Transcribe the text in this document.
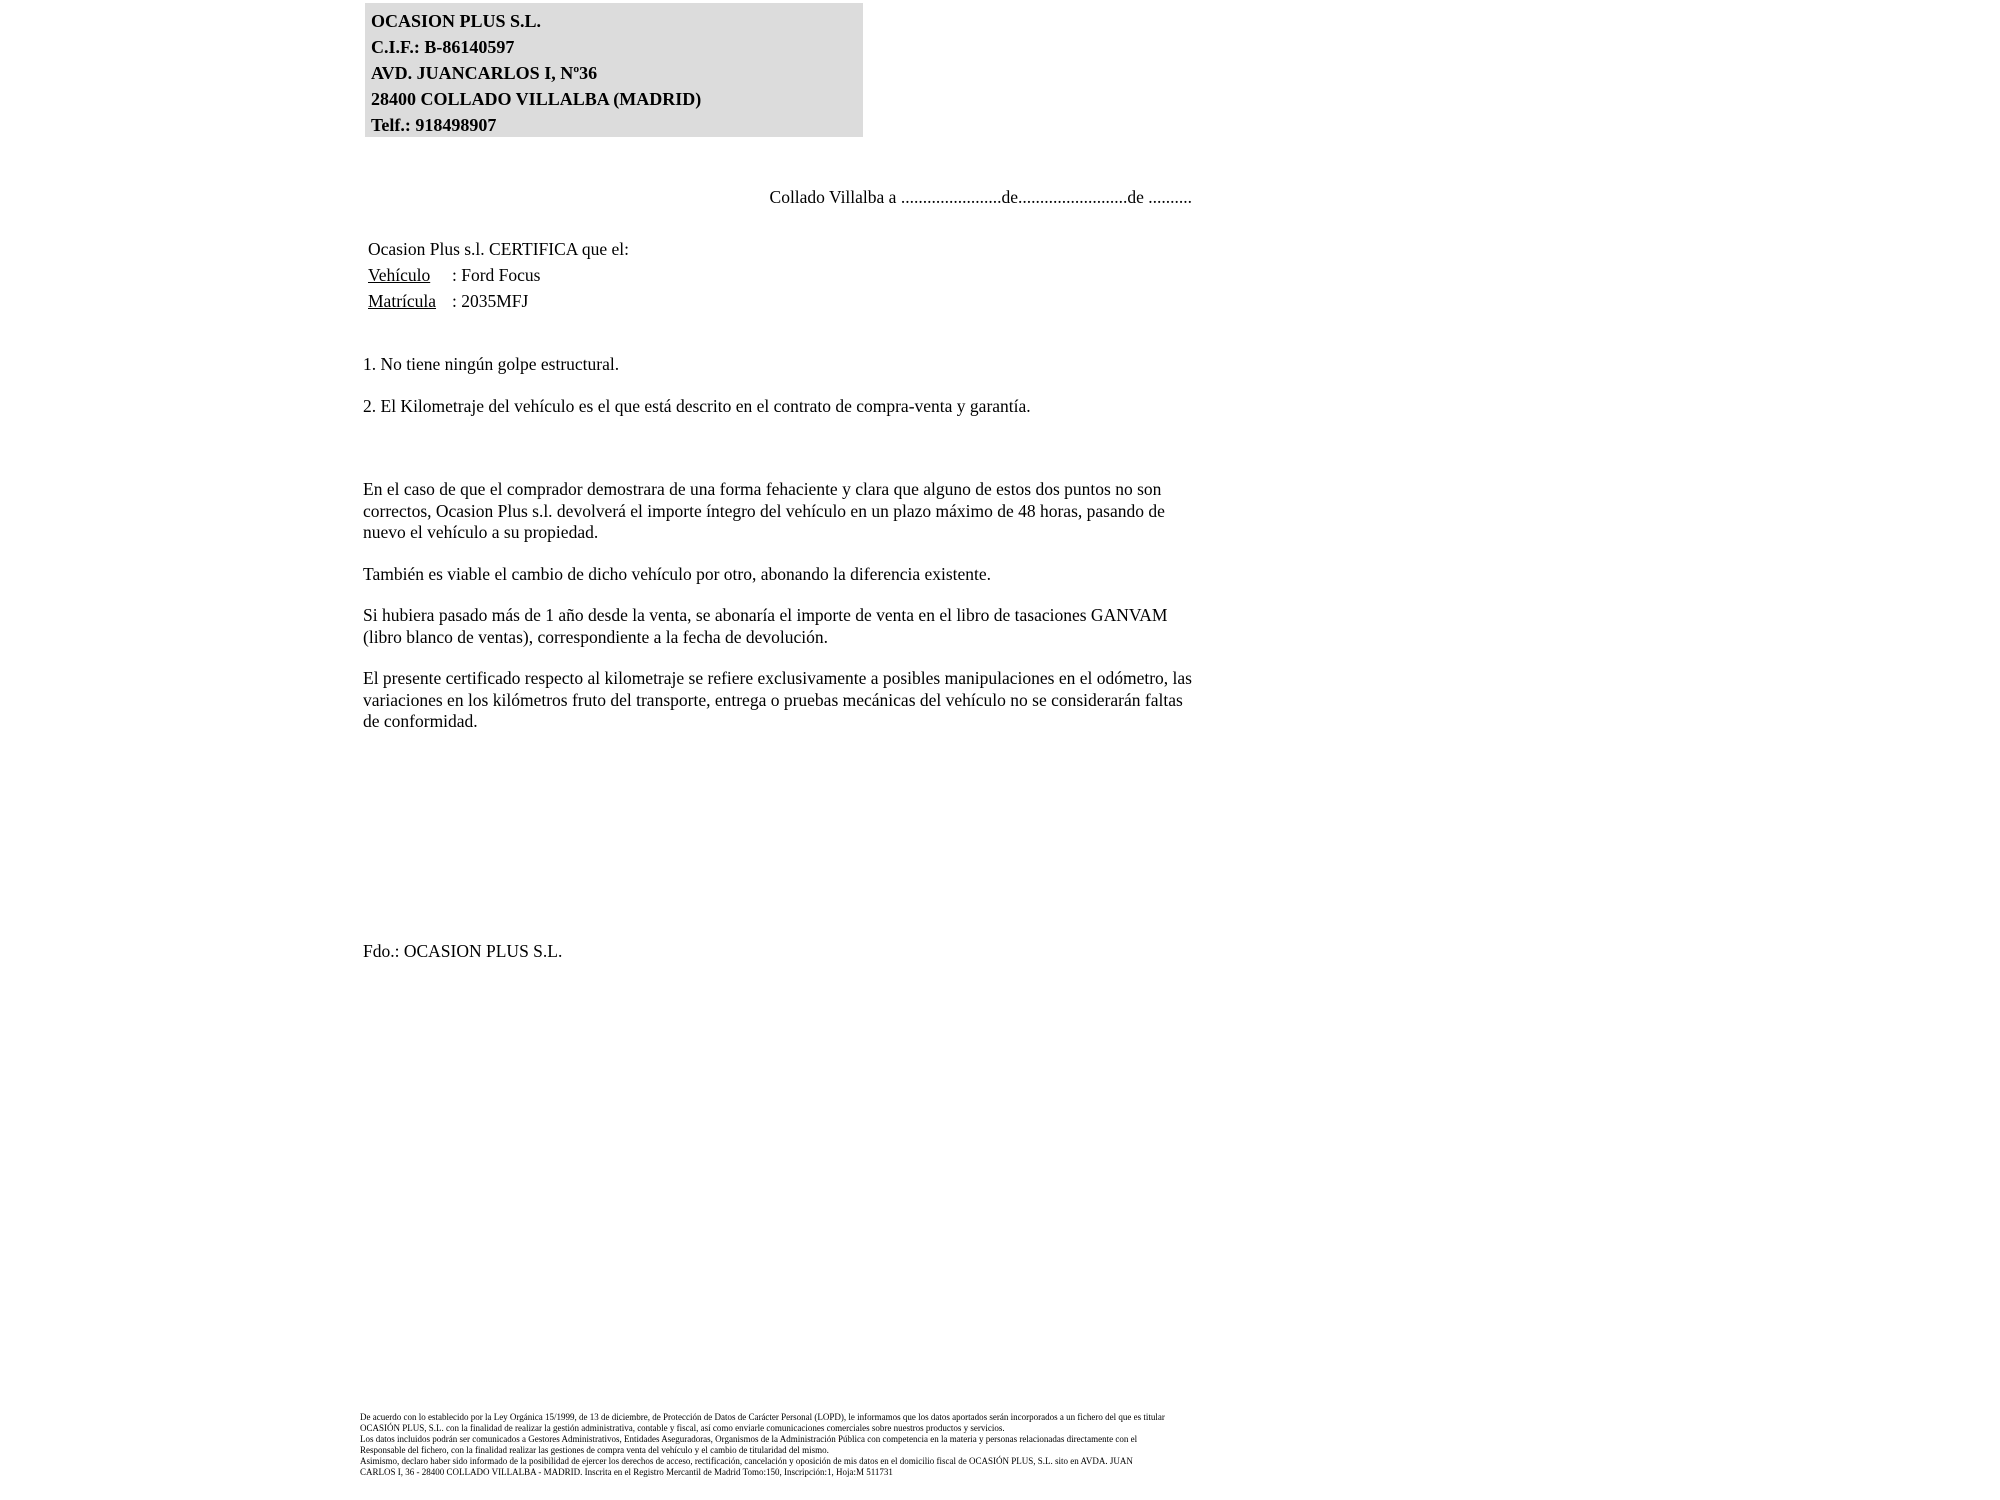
OCASION PLUS S.L.
C.I.F.: B-86140597
AVD. JUANCARLOS I, Nº36
28400 COLLADO VILLALBA (MADRID)
Telf.: 918498907
Collado Villalba a .......................de.........................de ..........
Ocasion Plus s.l. CERTIFICA que el:
Vehículo : Ford Focus
Matrícula : 2035MFJ
1. No tiene ningún golpe estructural.
2. El Kilometraje del vehículo es el que está descrito en el contrato de compra-venta y garantía.

En el caso de que el comprador demostrara de una forma fehaciente y clara que alguno de estos dos puntos no son correctos, Ocasion Plus s.l. devolverá el importe íntegro del vehículo en un plazo máximo de 48 horas, pasando de nuevo el vehículo a su propiedad.

También es viable el cambio de dicho vehículo por otro, abonando la diferencia existente.

Si hubiera pasado más de 1 año desde la venta, se abonaría el importe de venta en el libro de tasaciones GANVAM (libro blanco de ventas), correspondiente a la fecha de devolución.

El presente certificado respecto al kilometraje se refiere exclusivamente a posibles manipulaciones en el odómetro, las variaciones en los kilómetros fruto del transporte, entrega o pruebas mecánicas del vehículo no se considerarán faltas de conformidad.

Fdo.: OCASION PLUS S.L.
De acuerdo con lo establecido por la Ley Orgánica 15/1999, de 13 de diciembre, de Protección de Datos de Carácter Personal (LOPD), le informamos que los datos aportados serán incorporados a un fichero del que es titular
OCASIÓN PLUS, S.L. con la finalidad de realizar la gestión administrativa, contable y fiscal, así como enviarle comunicaciones comerciales sobre nuestros productos y servicios.
Los datos incluidos podrán ser comunicados a Gestores Administrativos, Entidades Aseguradoras, Organismos de la Administración Pública con competencia en la materia y personas relacionadas directamente con el
Responsable del fichero, con la finalidad realizar las gestiones de compra venta del vehículo y el cambio de titularidad del mismo.
Asimismo, declaro haber sido informado de la posibilidad de ejercer los derechos de acceso, rectificación, cancelación y oposición de mis datos en el domicilio fiscal de OCASIÓN PLUS, S.L. sito en AVDA. JUAN
CARLOS I, 36 - 28400 COLLADO VILLALBA - MADRID. Inscrita en el Registro Mercantil de Madrid Tomo:150, Inscripción:1, Hoja:M 511731
